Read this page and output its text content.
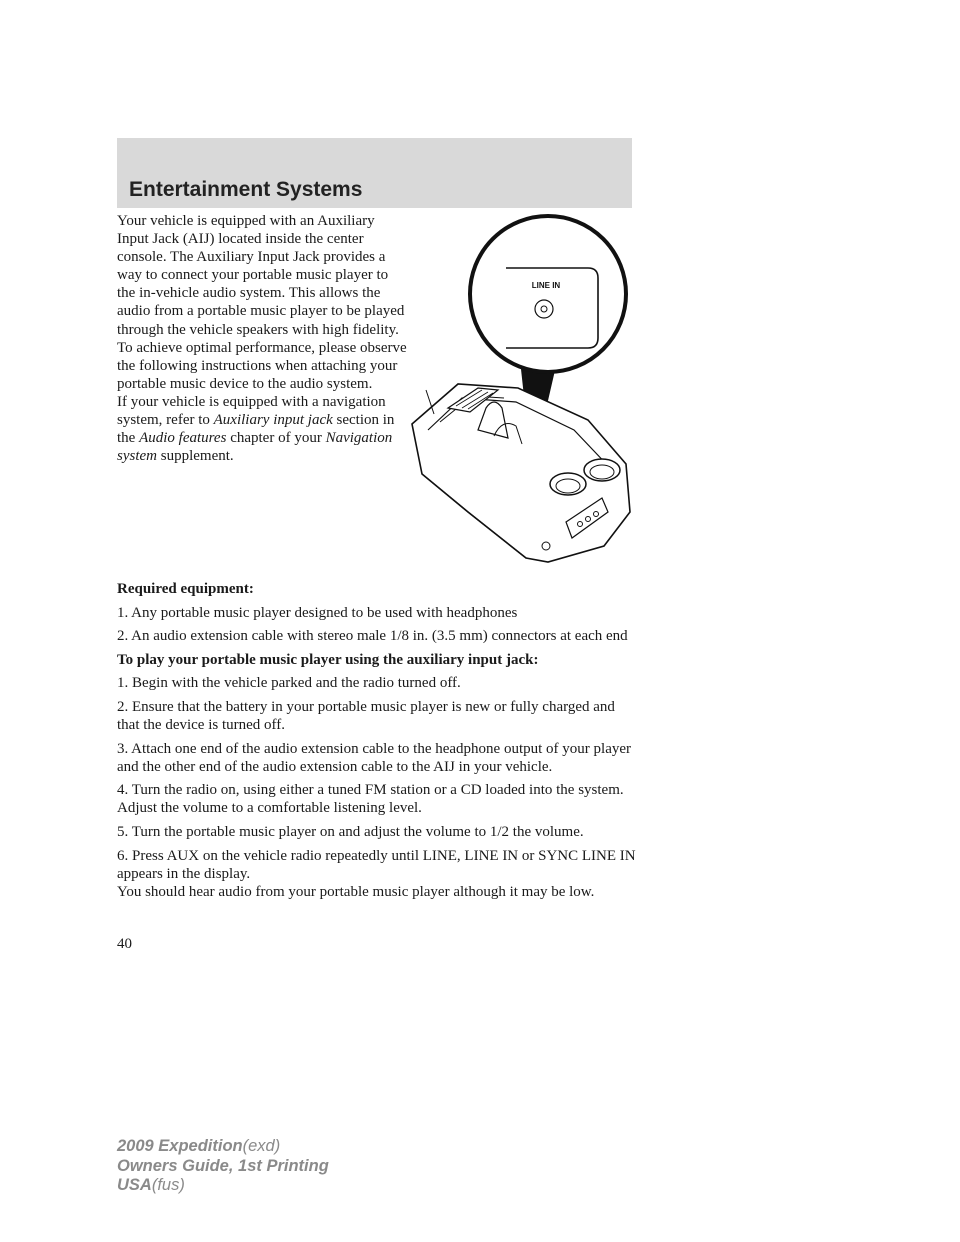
Entertainment Systems

Your vehicle is equipped with an Auxiliary Input Jack (AIJ) located inside the center console. The Auxiliary Input Jack provides a way to connect your portable music player to the in-vehicle audio system. This allows the audio from a portable music player to be played through the vehicle speakers with high fidelity. To achieve optimal performance, please observe the following instructions when attaching your portable music device to the audio system.

If your vehicle is equipped with a navigation system, refer to Auxiliary input jack section in the Audio features chapter of your Navigation system supplement.

LINE IN

Required equipment:

1. Any portable music player designed to be used with headphones

2. An audio extension cable with stereo male 1/8 in. (3.5 mm) connectors at each end

To play your portable music player using the auxiliary input jack:

1. Begin with the vehicle parked and the radio turned off.

2. Ensure that the battery in your portable music player is new or fully charged and that the device is turned off.

3. Attach one end of the audio extension cable to the headphone output of your player and the other end of the audio extension cable to the AIJ in your vehicle.

4. Turn the radio on, using either a tuned FM station or a CD loaded into the system. Adjust the volume to a comfortable listening level.

5. Turn the portable music player on and adjust the volume to 1/2 the volume.

6. Press AUX on the vehicle radio repeatedly until LINE, LINE IN or SYNC LINE IN appears in the display.

You should hear audio from your portable music player although it may be low.

40
2009 Expedition(exd)
Owners Guide, 1st Printing
USA(fus)
